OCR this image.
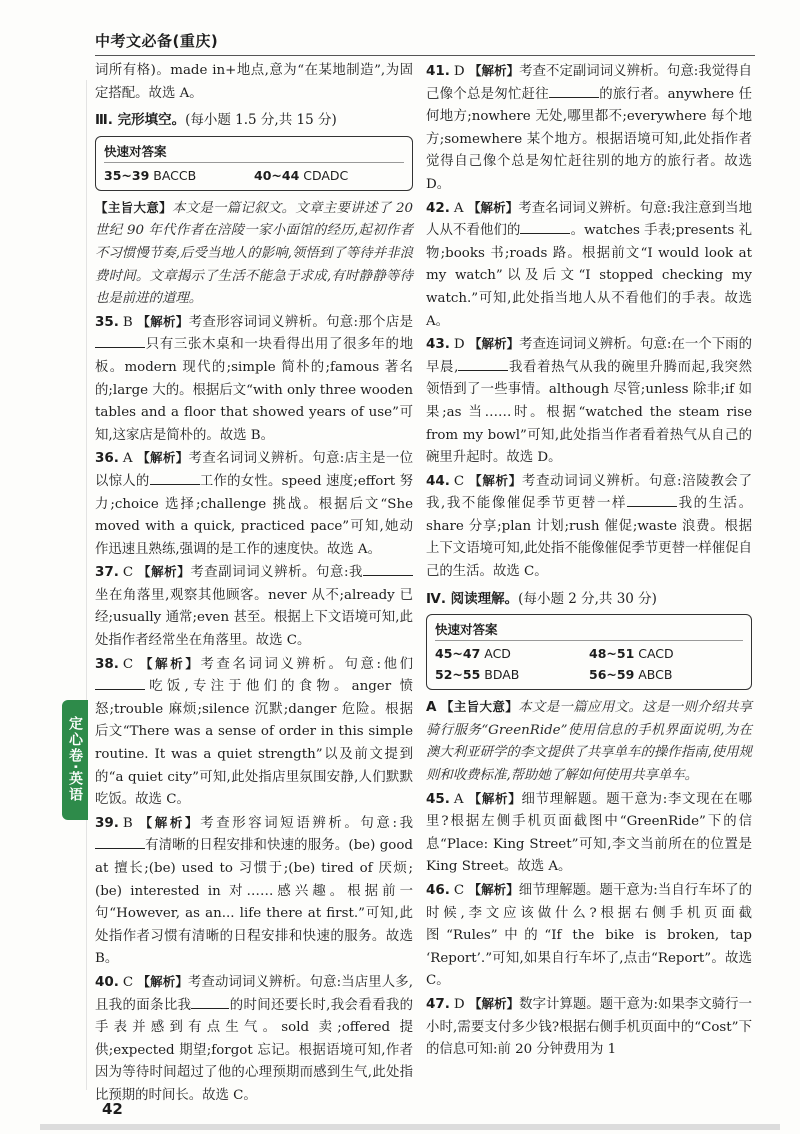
中考文必备(重庆)
定心卷·英语

词所有格)。made in+地点,意为“在某地制造”,为固定搭配。故选 A。

Ⅲ. 完形填空。(每小题 1.5 分,共 15 分)
快速对答案
35~39 BACCB	40~44 CDADC

【主旨大意】本文是一篇记叙文。文章主要讲述了 20 世纪 90 年代作者在涪陵一家小面馆的经历,起初作者不习惯慢节奏,后受当地人的影响,领悟到了等待并非浪费时间。文章揭示了生活不能急于求成,有时静静等待也是前进的道理。

35. B 【解析】考查形容词词义辨析。句意:那个店是只有三张木桌和一块看得出用了很多年的地板。modern 现代的;simple 简朴的;famous 著名的;large 大的。根据后文“with only three wooden tables and a floor that showed years of use”可知,这家店是简朴的。故选 B。

36. A 【解析】考查名词词义辨析。句意:店主是一位以惊人的	工作的女性。speed 速度;effort 努力;choice 选择;challenge 挑战。根据后文“She moved with a quick, practiced pace”可知,她动作迅速且熟练,强调的是工作的速度快。故选 A。

37. C 【解析】考查副词词义辨析。句意:我坐在角落里,观察其他顾客。never 从不;already 已经;usually 通常;even 甚至。根据上下文语境可知,此处指作者经常坐在角落里。故选 C。

38. C 【解析】考查名词词义辨析。句意:他们吃饭,专注于他们的食物。anger 愤怒;trouble 麻烦;silence 沉默;danger 危险。根据后文“There was a sense of order in this simple routine. It was a quiet strength”以及前文提到的“a quiet city”可知,此处指店里氛围安静,人们默默吃饭。故选 C。

39. B 【解析】考查形容词短语辨析。句意:我有清晰的日程安排和快速的服务。(be) good at 擅长;(be) used to 习惯于;(be) tired of 厌烦;(be) interested in 对……感兴趣。根据前一句“However, as an... life there at first.”可知,此处指作者习惯有清晰的日程安排和快速的服务。故选 B。

40. C 【解析】考查动词词义辨析。句意:当店里人多,且我的面条比我	的时间还要长时,我会看看我的手表并感到有点生气。sold 卖;offered 提供;expected 期望;forgot 忘记。根据语境可知,作者因为等待时间超过了他的心理预期而感到生气,此处指比预期的时间长。故选 C。

41. D 【解析】考查不定副词词义辨析。句意:我觉得自己像个总是匆忙赶往	的旅行者。anywhere 任何地方;nowhere 无处,哪里都不;everywhere 每个地方;somewhere 某个地方。根据语境可知,此处指作者觉得自己像个总是匆忙赶往别的地方的旅行者。故选 D。

42. A 【解析】考查名词词义辨析。句意:我注意到当地人从不看他们的	。watches 手表;presents 礼物;books 书;roads 路。根据前文“I would look at my watch”以及后文“I stopped checking my watch.”可知,此处指当地人从不看他们的手表。故选 A。

43. D 【解析】考查连词词义辨析。句意:在一个下雨的早晨,	我看着热气从我的碗里升腾而起,我突然领悟到了一些事情。although 尽管;unless 除非;if 如果;as 当……时。根据“watched the steam rise from my bowl”可知,此处指当作者看着热气从自己的碗里升起时。故选 D。

44. C 【解析】考查动词词义辨析。句意:涪陵教会了我,我不能像催促季节更替一样	我的生活。share 分享;plan 计划;rush 催促;waste 浪费。根据上下文语境可知,此处指不能像催促季节更替一样催促自己的生活。故选 C。

Ⅳ. 阅读理解。(每小题 2 分,共 30 分)
快速对答案
45~47 ACD	48~51 CACD
52~55 BDAB	56~59 ABCB

A 【主旨大意】本文是一篇应用文。这是一则介绍共享骑行服务“GreenRide”使用信息的手机界面说明,为在澳大利亚研学的李文提供了共享单车的操作指南,使用规则和收费标准,帮助她了解如何使用共享单车。

45. A 【解析】细节理解题。题干意为:李文现在在哪里?根据左侧手机页面截图中“GreenRide”下的信息“Place: King Street”可知,李文当前所在的位置是 King Street。故选 A。

46. C 【解析】细节理解题。题干意为:当自行车坏了的时候,李文应该做什么?根据右侧手机页面截图“Rules”中的“If the bike is broken, tap ‘Report’.”可知,如果自行车坏了,点击“Report”。故选 C。

47. D 【解析】数字计算题。题干意为:如果李文骑行一小时,需要支付多少钱?根据右侧手机页面中的“Cost”下的信息可知:前 20 分钟费用为 1

42
